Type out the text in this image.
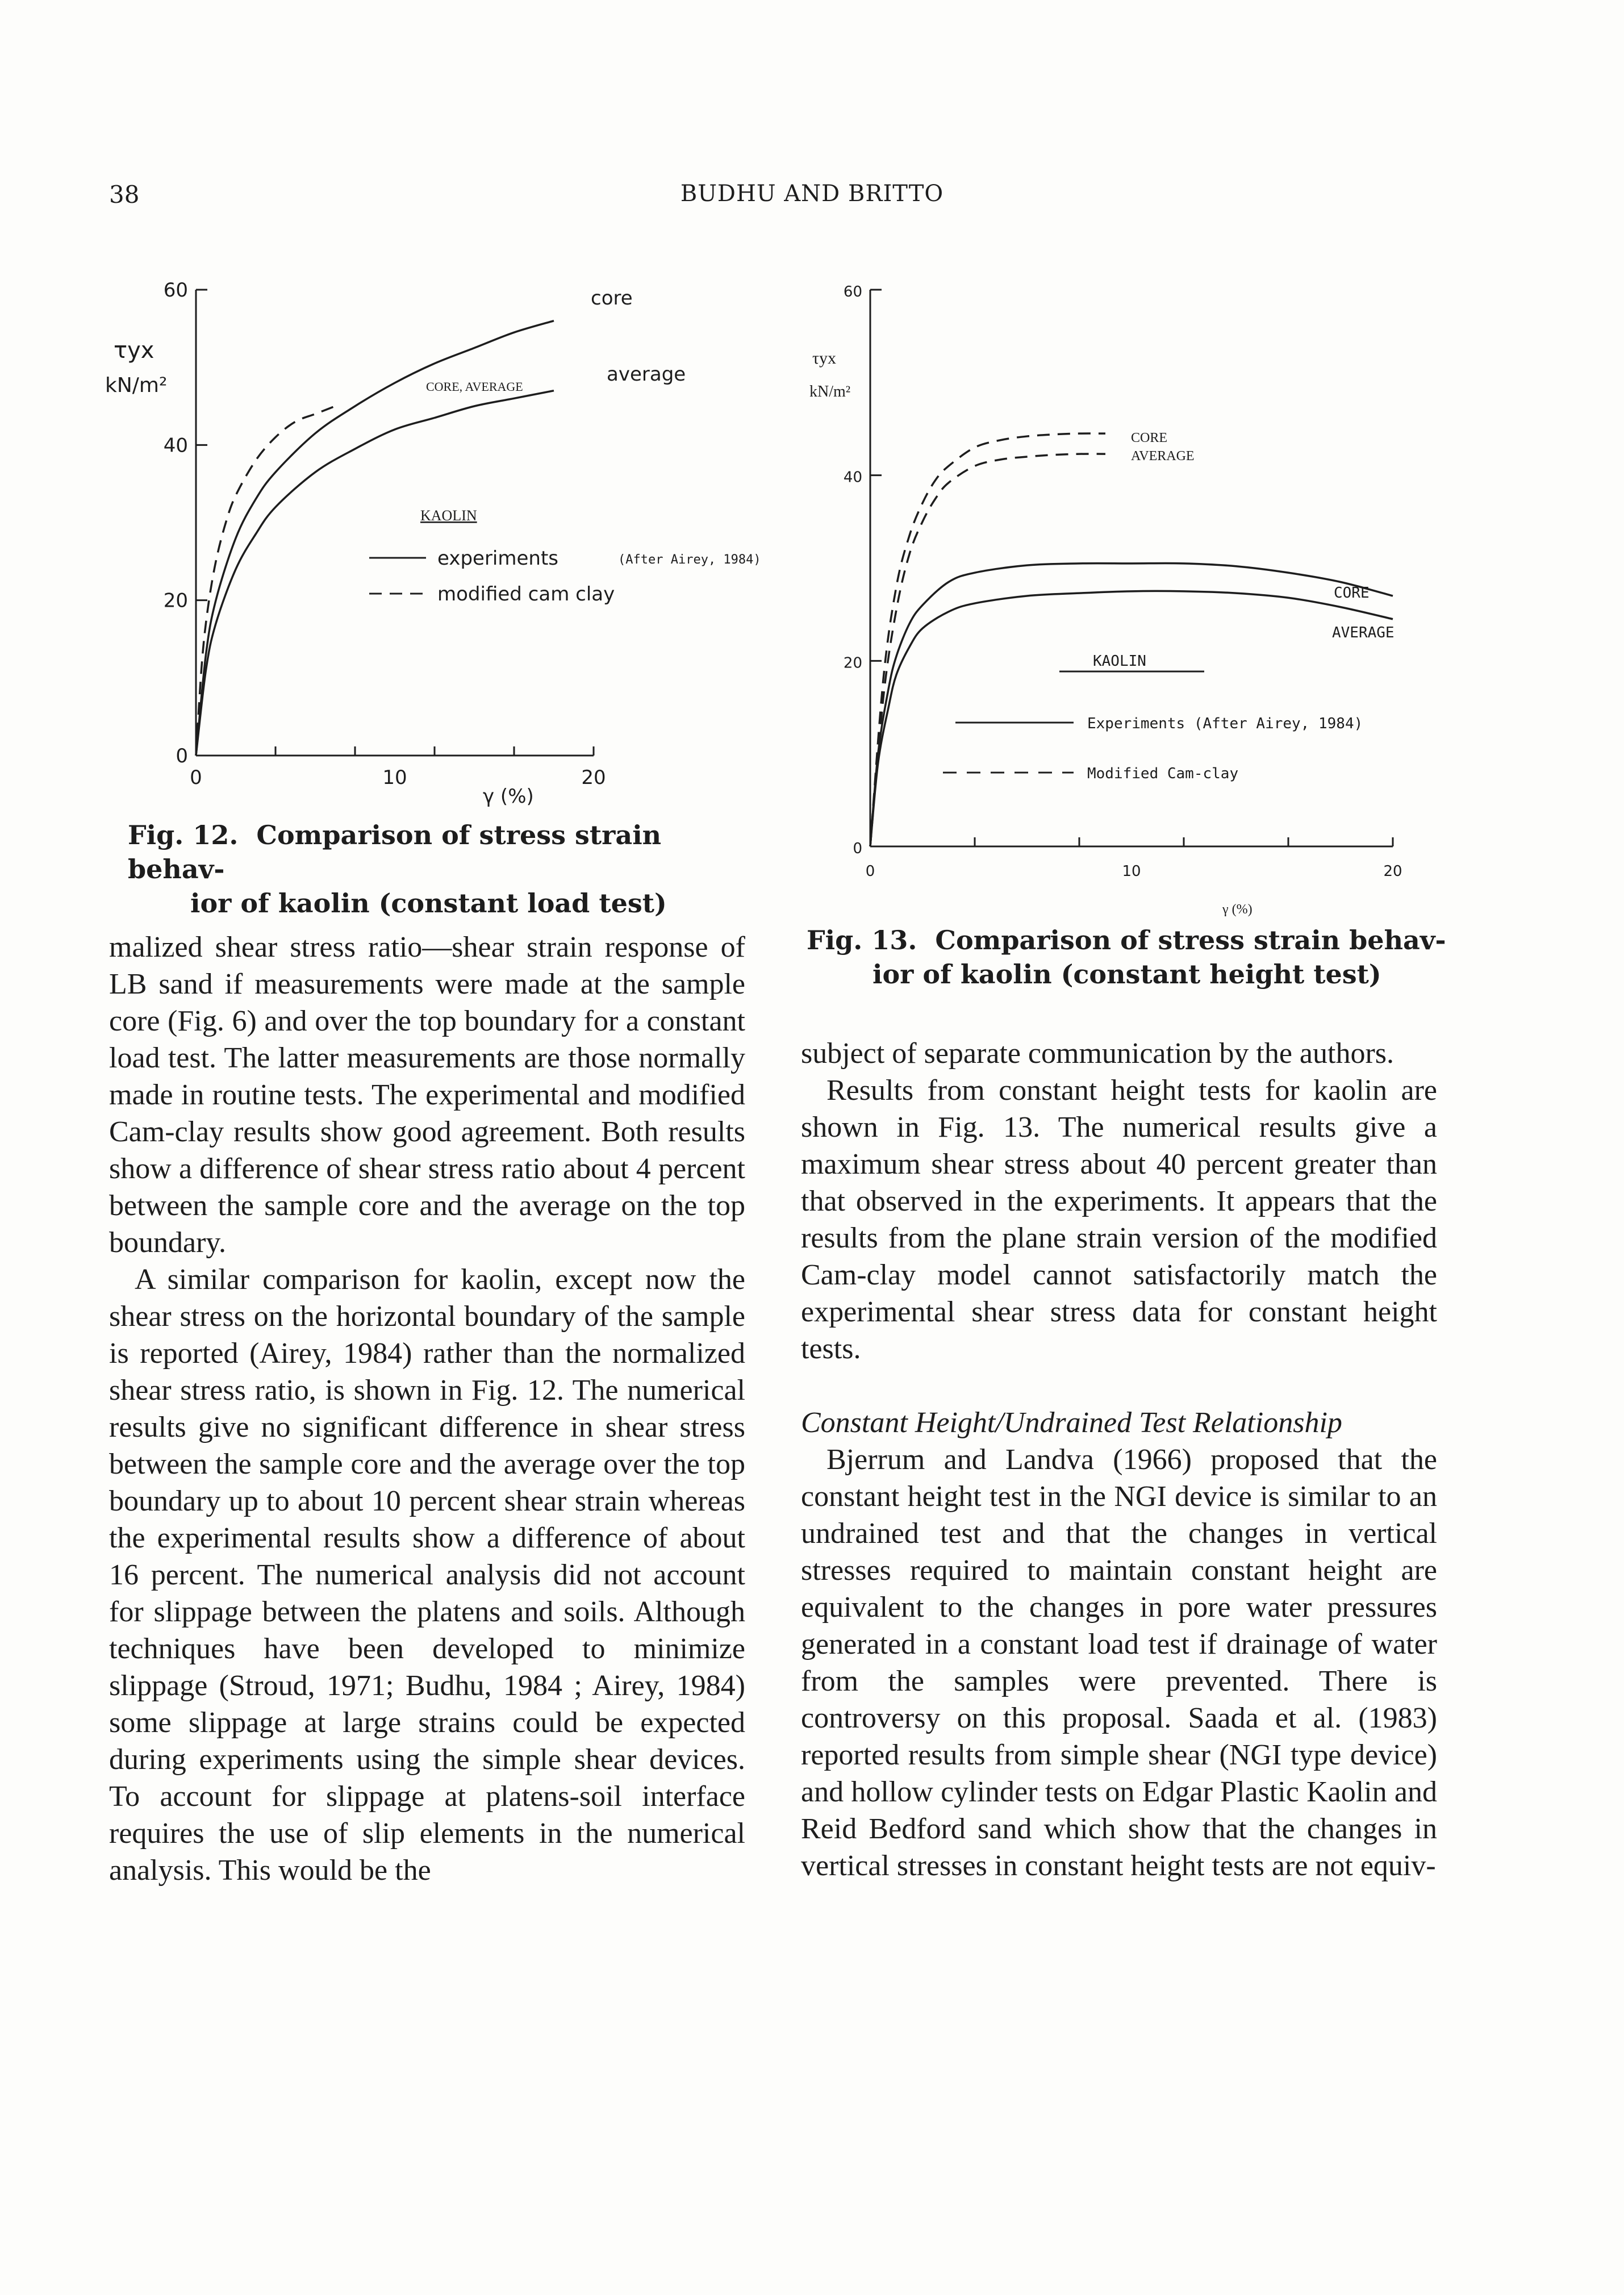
38	BUDHU AND BRITTO
0	10	20
0
20
40
60
τyx
kN/m²
γ (%)
core
average
CORE, AVERAGE
KAOLIN
experiments	(After Airey, 1984)
modified cam clay
Fig. 12. Comparison of stress strain behav-
ior of kaolin (constant load test)
0	10	20
0
20
40
60
τyx
kN/m²
γ (%)
CORE
AVERAGE
CORE
AVERAGE
KAOLIN
Experiments (After Airey, 1984)
Modified Cam-clay
Fig. 13. Comparison of stress strain behav-
ior of kaolin (constant height test)

malized shear stress ratio—shear strain response of LB sand if measurements were made at the sample core (Fig. 6) and over the top boundary for a constant load test. The latter measurements are those normally made in routine tests. The experimental and modified Cam-clay results show good agreement. Both results show a difference of shear stress ratio about 4 percent between the sample core and the average on the top boundary.

A similar comparison for kaolin, except now the shear stress on the horizontal boundary of the sample is reported (Airey, 1984) rather than the normalized shear stress ratio, is shown in Fig. 12. The numerical results give no significant difference in shear stress between the sample core and the average over the top boundary up to about 10 percent shear strain whereas the experimental results show a difference of about 16 percent. The numerical analysis did not account for slippage between the platens and soils. Although techniques have been developed to minimize slippage (Stroud, 1971; Budhu, 1984 ; Airey, 1984) some slippage at large strains could be expected during experiments using the simple shear devices. To account for slippage at platens-soil interface requires the use of slip elements in the numerical analysis. This would be the

subject of separate communication by the authors.

Results from constant height tests for kaolin are shown in Fig. 13. The numerical results give a maximum shear stress about 40 percent greater than that observed in the experiments. It appears that the results from the plane strain version of the modified Cam-clay model cannot satisfactorily match the experimental shear stress data for constant height tests.

Constant Height/Undrained Test Relationship

Bjerrum and Landva (1966) proposed that the constant height test in the NGI device is similar to an undrained test and that the changes in vertical stresses required to maintain constant height are equivalent to the changes in pore water pressures generated in a constant load test if drainage of water from the samples were prevented. There is controversy on this proposal. Saada et al. (1983) reported results from simple shear (NGI type device) and hollow cylinder tests on Edgar Plastic Kaolin and Reid Bedford sand which show that the changes in vertical stresses in constant height tests are not equiv-
